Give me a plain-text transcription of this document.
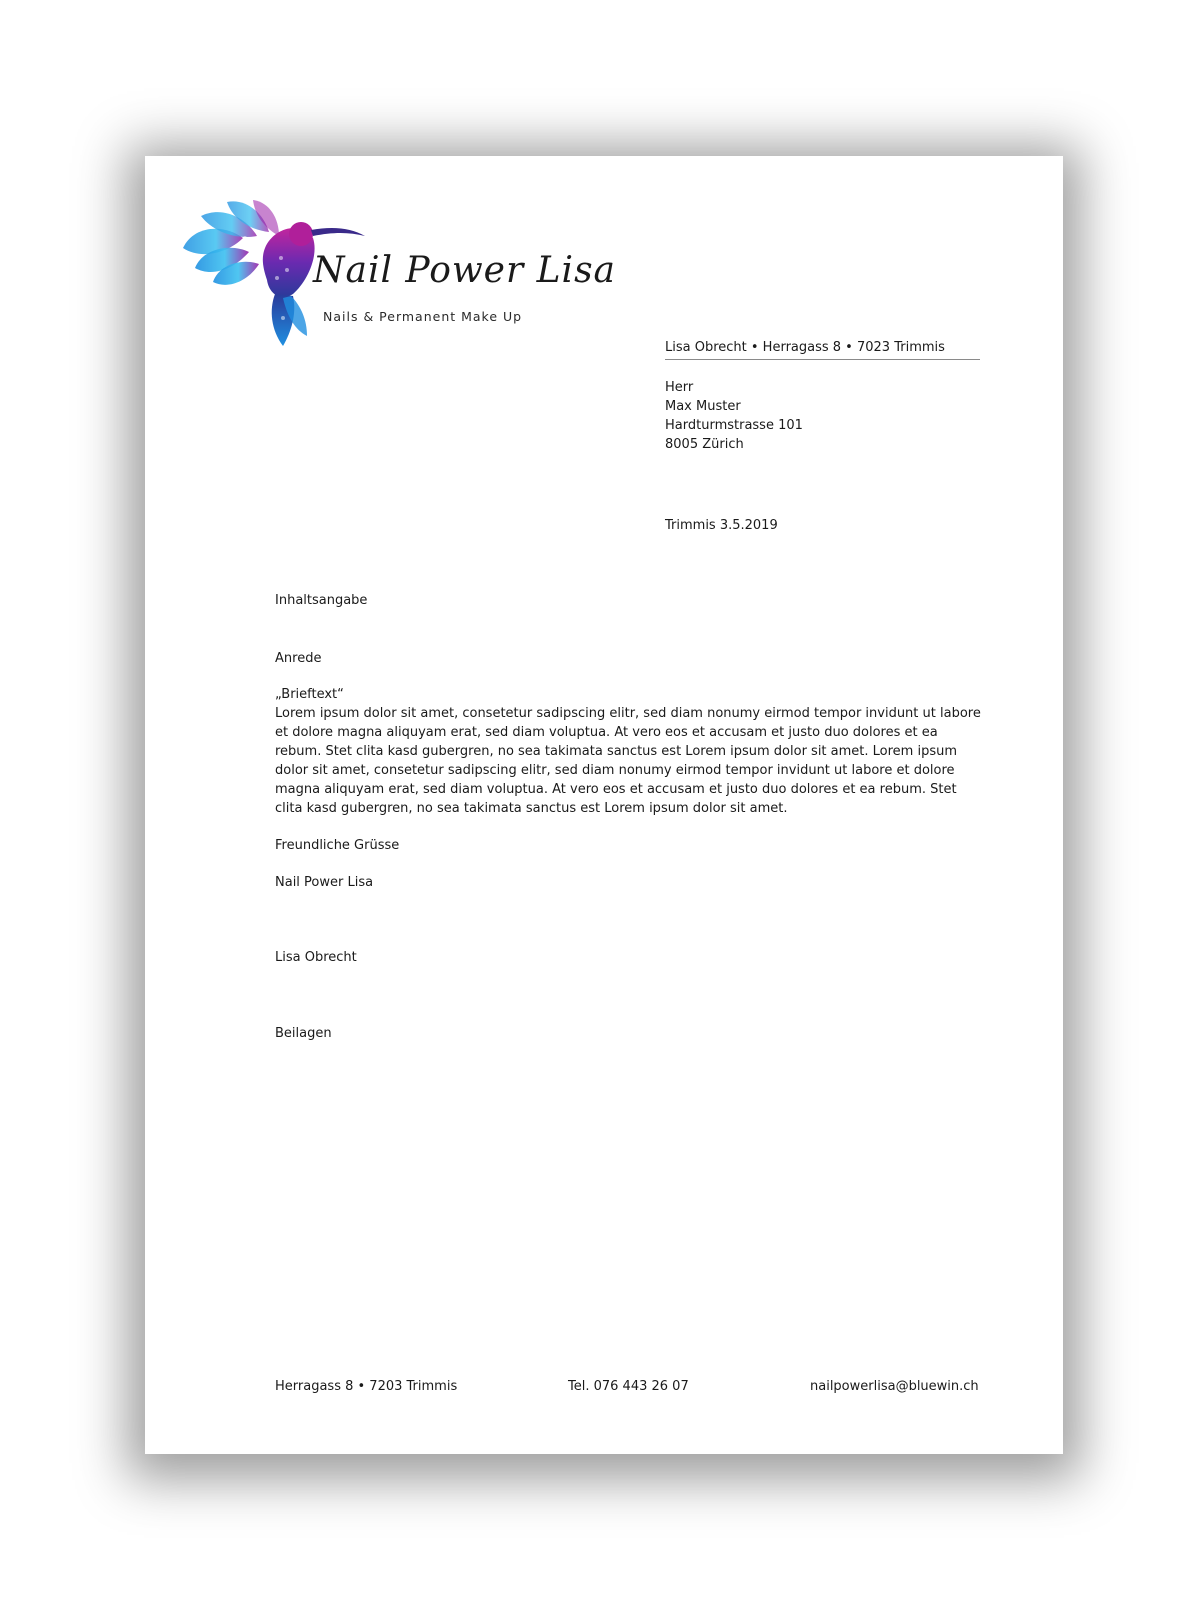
Nail Power Lisa
Nails & Permanent Make Up
Lisa Obrecht • Herragass 8 • 7023 Trimmis
Herr
Max Muster
Hardturmstrasse 101
8005 Zürich
Trimmis 3.5.2019
Inhaltsangabe
Anrede
„Brieftext“
Lorem ipsum dolor sit amet, consetetur sadipscing elitr, sed diam nonumy eirmod tempor invidunt ut labore et dolore magna aliquyam erat, sed diam voluptua. At vero eos et accusam et justo duo dolores et ea rebum. Stet clita kasd gubergren, no sea takimata sanctus est Lorem ipsum dolor sit amet. Lorem ipsum dolor sit amet, consetetur sadipscing elitr, sed diam nonumy eirmod tempor invidunt ut labore et dolore magna aliquyam erat, sed diam voluptua. At vero eos et accusam et justo duo dolores et ea rebum. Stet clita kasd gubergren, no sea takimata sanctus est Lorem ipsum dolor sit amet.
Freundliche Grüsse
Nail Power Lisa
Lisa Obrecht
Beilagen
Herragass 8 • 7203 Trimmis	Tel. 076 443 26 07	nailpowerlisa@bluewin.ch
